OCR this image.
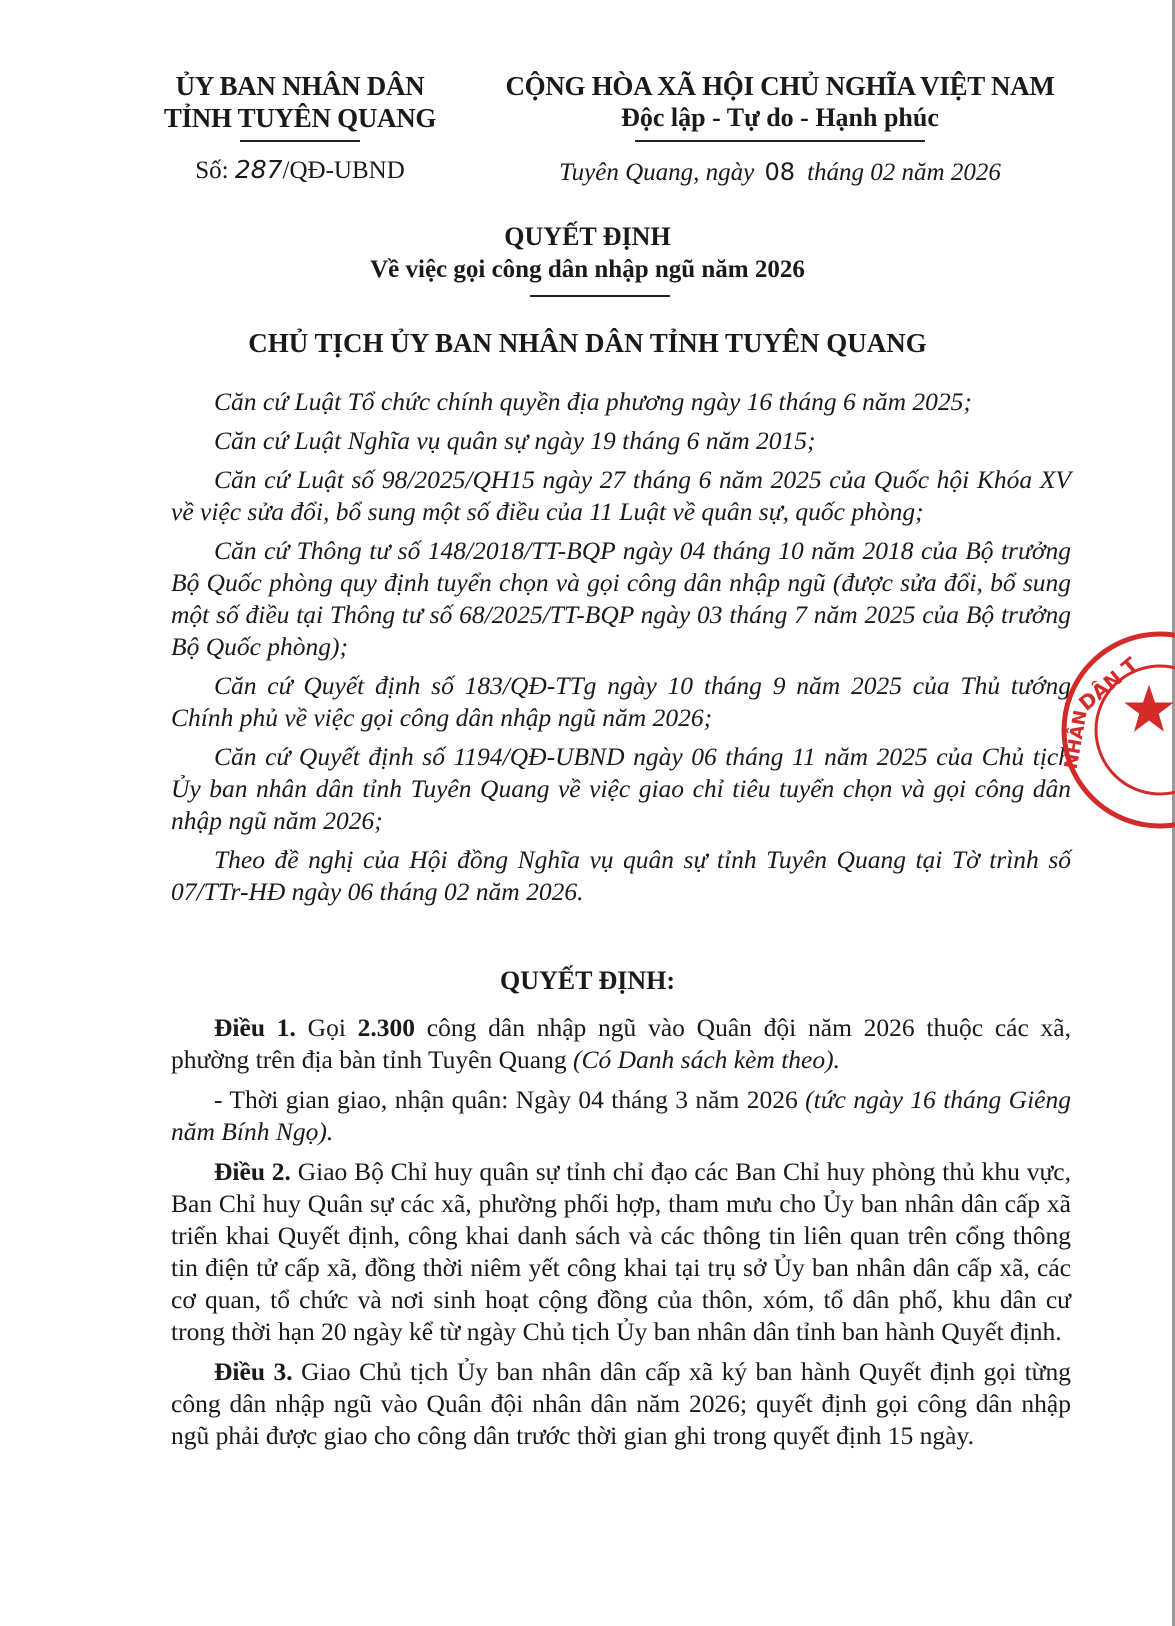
ỦY BAN NHÂN DÂN
TỈNH TUYÊN QUANG
CỘNG HÒA XÃ HỘI CHỦ NGHĨA VIỆT NAM
Độc lập - Tự do - Hạnh phúc
Số: 287/QĐ-UBND	Tuyên Quang, ngày 08 tháng 02 năm 2026
QUYẾT ĐỊNH
Về việc gọi công dân nhập ngũ năm 2026
CHỦ TỊCH ỦY BAN NHÂN DÂN TỈNH TUYÊN QUANG

Căn cứ Luật Tổ chức chính quyền địa phương ngày 16 tháng 6 năm 2025;

Căn cứ Luật Nghĩa vụ quân sự ngày 19 tháng 6 năm 2015;

Căn cứ Luật số 98/2025/QH15 ngày 27 tháng 6 năm 2025 của Quốc hội Khóa XV về việc sửa đổi, bổ sung một số điều của 11 Luật về quân sự, quốc phòng;

Căn cứ Thông tư số 148/2018/TT-BQP ngày 04 tháng 10 năm 2018 của Bộ trưởng Bộ Quốc phòng quy định tuyển chọn và gọi công dân nhập ngũ (được sửa đổi, bổ sung một số điều tại Thông tư số 68/2025/TT-BQP ngày 03 tháng 7 năm 2025 của Bộ trưởng Bộ Quốc phòng);

Căn cứ Quyết định số 183/QĐ-TTg ngày 10 tháng 9 năm 2025 của Thủ tướng Chính phủ về việc gọi công dân nhập ngũ năm 2026;

Căn cứ Quyết định số 1194/QĐ-UBND ngày 06 tháng 11 năm 2025 của Chủ tịch Ủy ban nhân dân tỉnh Tuyên Quang về việc giao chỉ tiêu tuyển chọn và gọi công dân nhập ngũ năm 2026;

Theo đề nghị của Hội đồng Nghĩa vụ quân sự tỉnh Tuyên Quang tại Tờ trình số 07/TTr-HĐ ngày 06 tháng 02 năm 2026.

QUYẾT ĐỊNH:

Điều 1. Gọi 2.300 công dân nhập ngũ vào Quân đội năm 2026 thuộc các xã, phường trên địa bàn tỉnh Tuyên Quang (Có Danh sách kèm theo).

- Thời gian giao, nhận quân: Ngày 04 tháng 3 năm 2026 (tức ngày 16 tháng Giêng năm Bính Ngọ).

Điều 2. Giao Bộ Chỉ huy quân sự tỉnh chỉ đạo các Ban Chỉ huy phòng thủ khu vực, Ban Chỉ huy Quân sự các xã, phường phối hợp, tham mưu cho Ủy ban nhân dân cấp xã triển khai Quyết định, công khai danh sách và các thông tin liên quan trên cổng thông tin điện tử cấp xã, đồng thời niêm yết công khai tại trụ sở Ủy ban nhân dân cấp xã, các cơ quan, tổ chức và nơi sinh hoạt cộng đồng của thôn, xóm, tổ dân phố, khu dân cư trong thời hạn 20 ngày kể từ ngày Chủ tịch Ủy ban nhân dân tỉnh ban hành Quyết định.

Điều 3. Giao Chủ tịch Ủy ban nhân dân cấp xã ký ban hành Quyết định gọi từng công dân nhập ngũ vào Quân đội nhân dân năm 2026; quyết định gọi công dân nhập ngũ phải được giao cho công dân trước thời gian ghi trong quyết định 15 ngày.

DÂN T
NHÂN
